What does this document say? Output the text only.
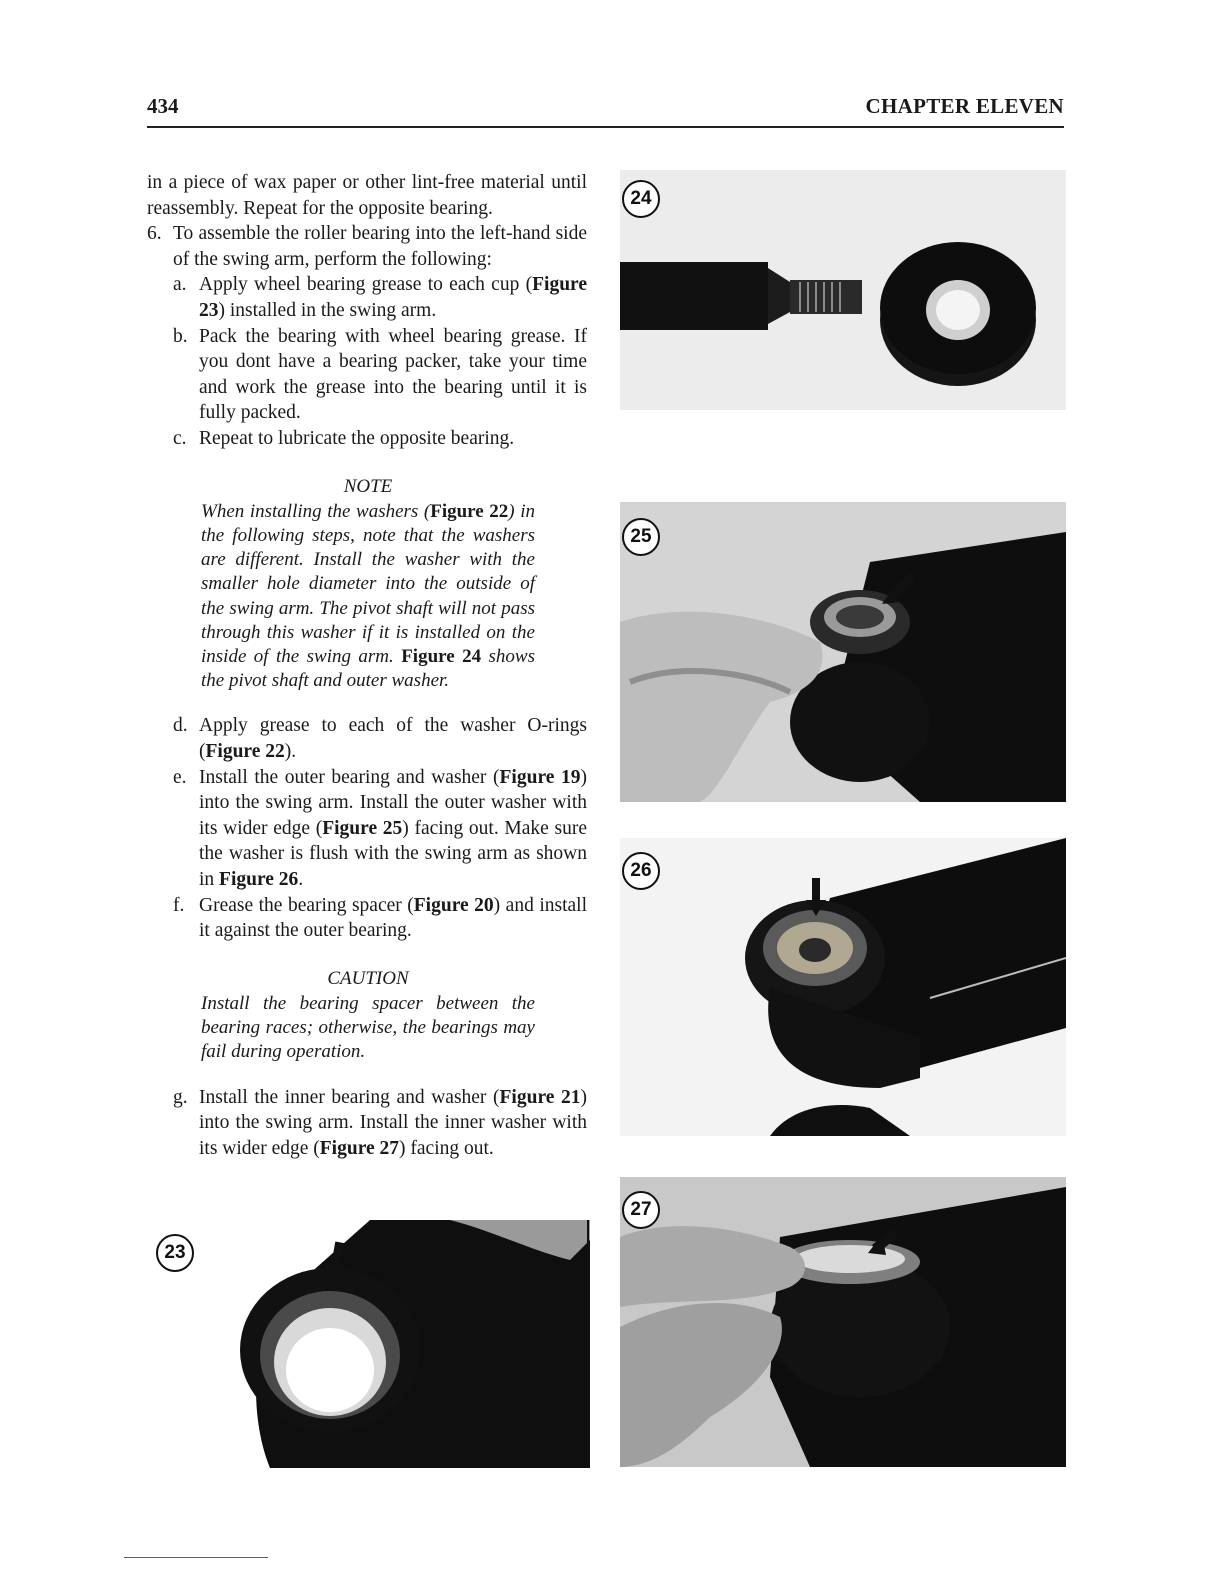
434	CHAPTER ELEVEN

in a piece of wax paper or other lint-free material until reassembly. Repeat for the opposite bearing.

6. To assemble the roller bearing into the left-hand side of the swing arm, perform the following:
a. Apply wheel bearing grease to each cup (Figure 23) installed in the swing arm.
b. Pack the bearing with wheel bearing grease. If you dont have a bearing packer, take your time and work the grease into the bearing until it is fully packed.
c. Repeat to lubricate the opposite bearing.
NOTE

When installing the washers (Figure 22) in the following steps, note that the washers are different. Install the washer with the smaller hole diameter into the outside of the swing arm. The pivot shaft will not pass through this washer if it is installed on the inside of the swing arm. Figure 24 shows the pivot shaft and outer washer.

d. Apply grease to each of the washer O-rings (Figure 22).
e. Install the outer bearing and washer (Figure 19) into the swing arm. Install the outer washer with its wider edge (Figure 25) facing out. Make sure the washer is flush with the swing arm as shown in Figure 26.
f. Grease the bearing spacer (Figure 20) and install it against the outer bearing.
CAUTION

Install the bearing spacer between the bearing races; otherwise, the bearings may fail during operation.

g. Install the inner bearing and washer (Figure 21) into the swing arm. Install the inner washer with its wider edge (Figure 27) facing out.
24
25
26
27
23
